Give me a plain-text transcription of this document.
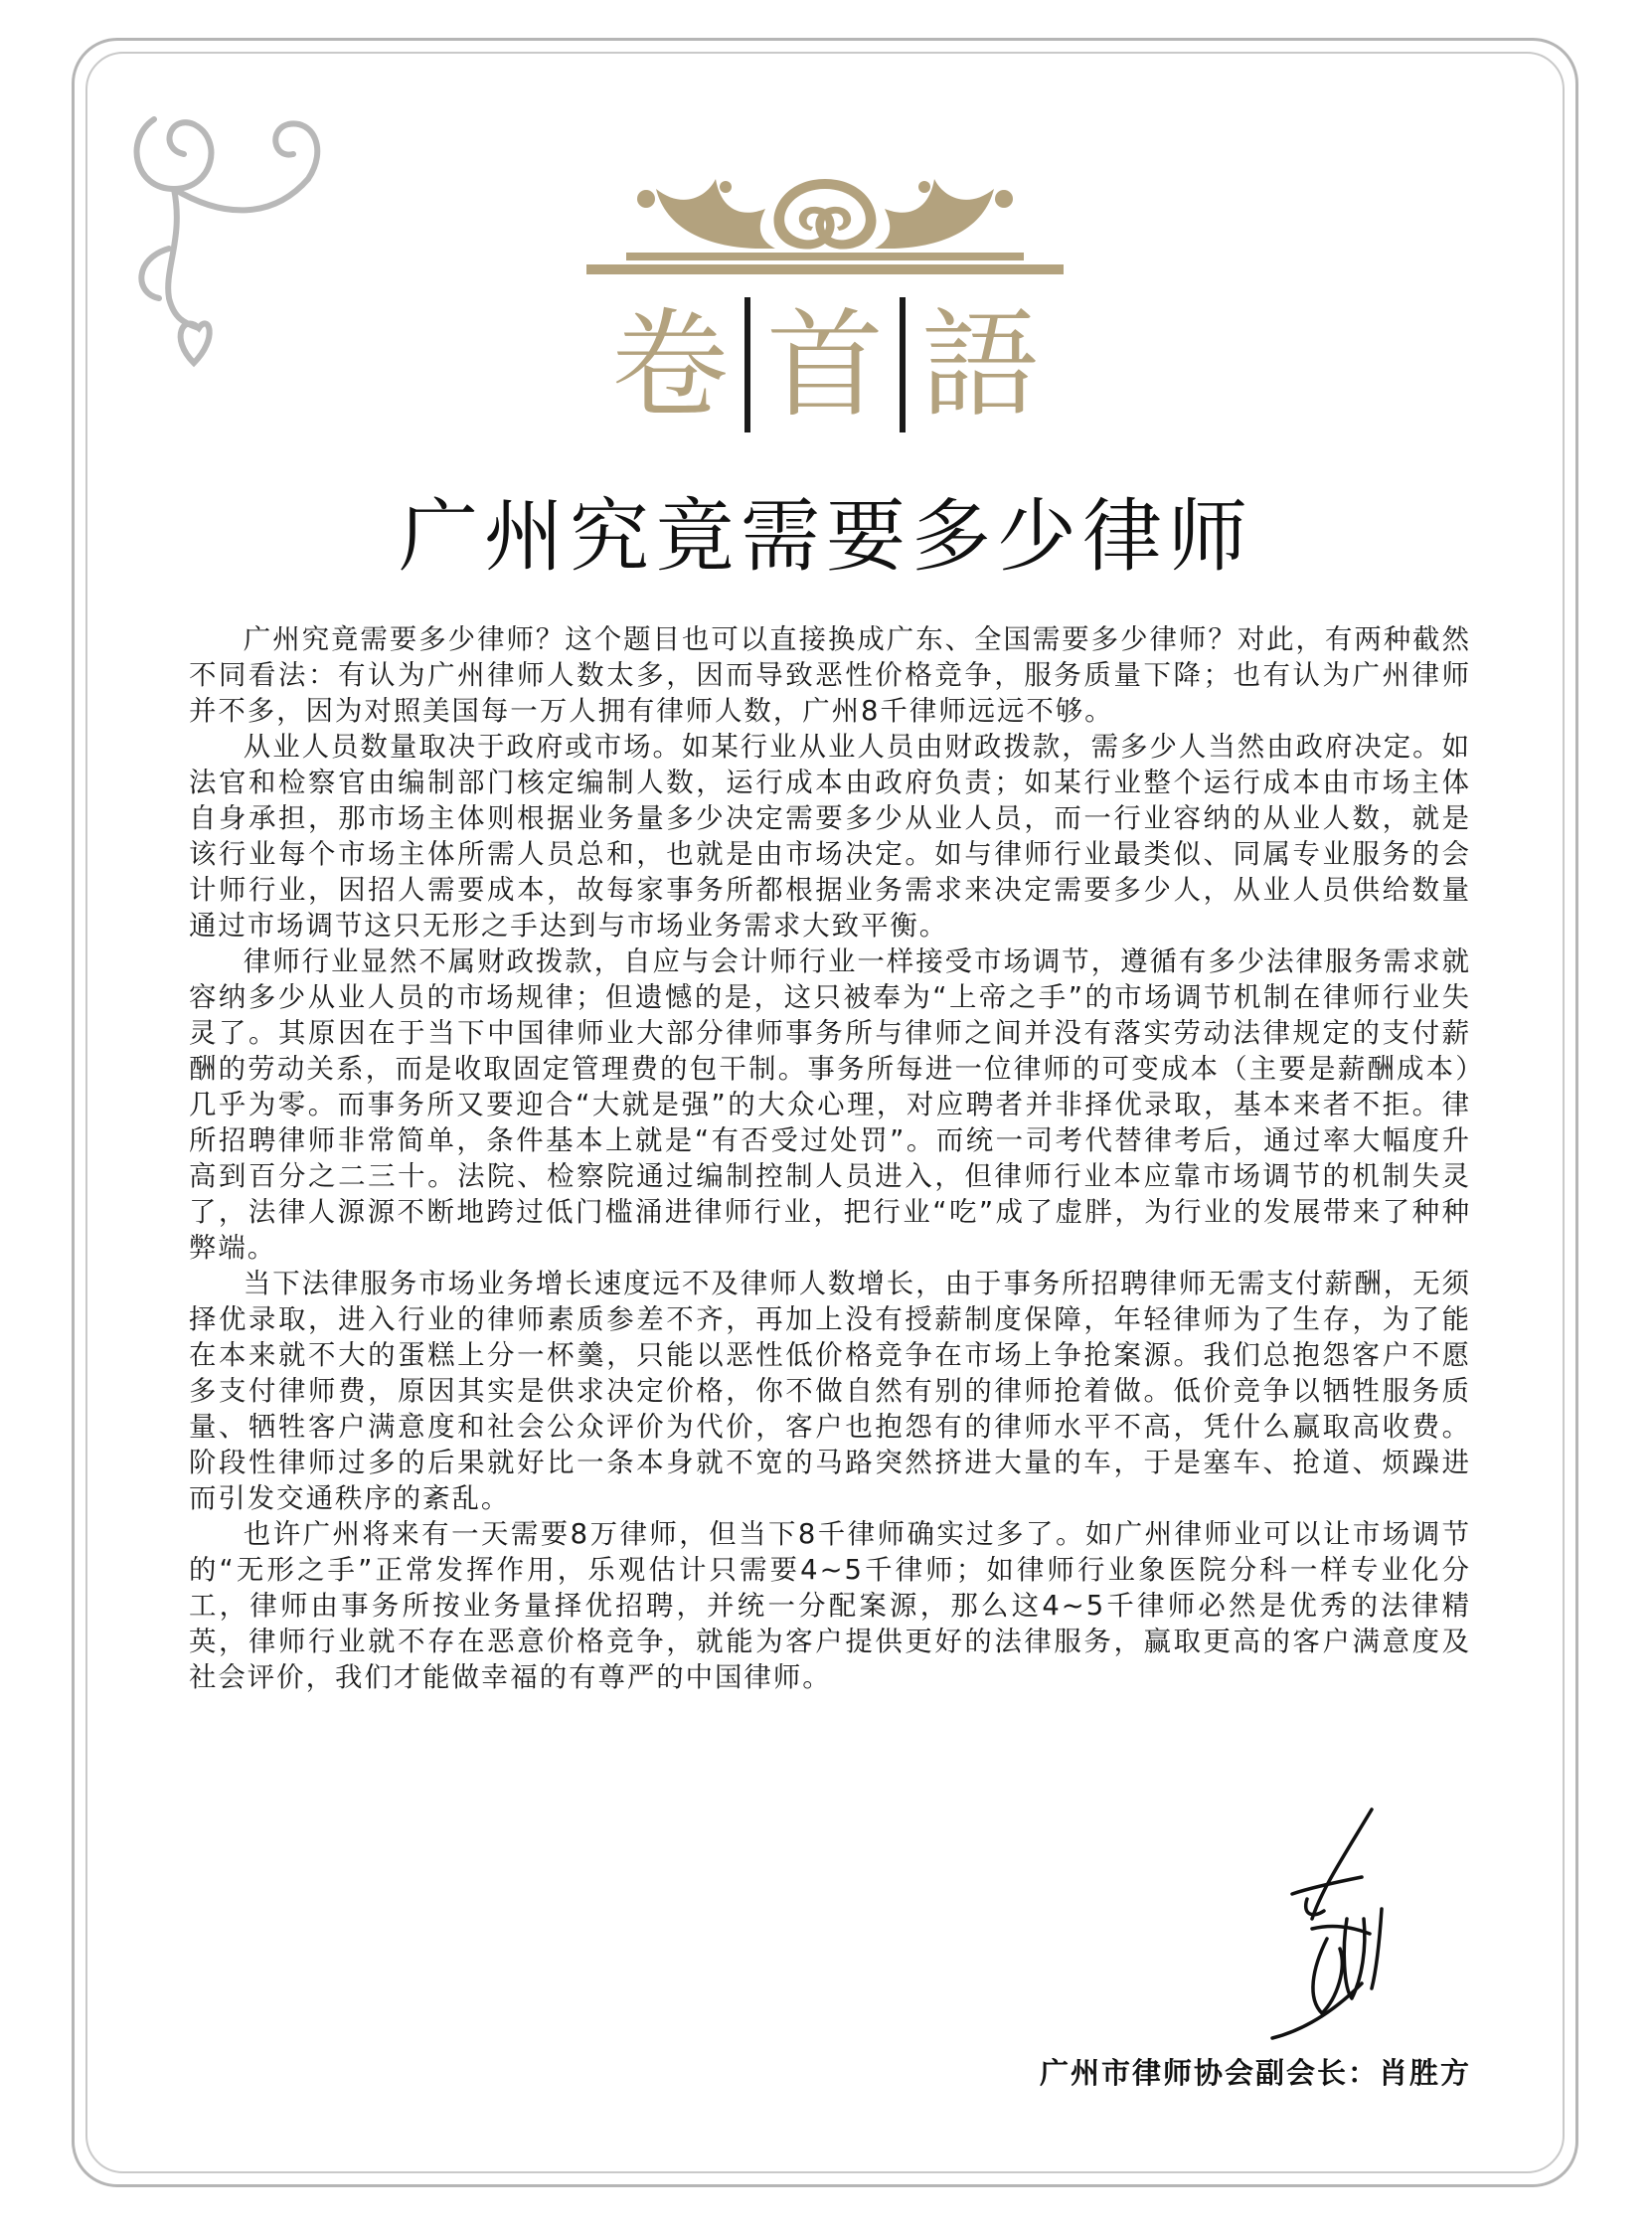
卷 首 語
广州究竟需要多少律师

广州究竟需要多少律师？这个题目也可以直接换成广东、全国需要多少律师？对此，有两种截然不同看法：有认为广州律师人数太多，因而导致恶性价格竞争，服务质量下降；也有认为广州律师并不多，因为对照美国每一万人拥有律师人数，广州8千律师远远不够。

从业人员数量取决于政府或市场。如某行业从业人员由财政拨款，需多少人当然由政府决定。如法官和检察官由编制部门核定编制人数，运行成本由政府负责；如某行业整个运行成本由市场主体自身承担，那市场主体则根据业务量多少决定需要多少从业人员，而一行业容纳的从业人数，就是该行业每个市场主体所需人员总和，也就是由市场决定。如与律师行业最类似、同属专业服务的会计师行业，因招人需要成本，故每家事务所都根据业务需求来决定需要多少人，从业人员供给数量通过市场调节这只无形之手达到与市场业务需求大致平衡。

律师行业显然不属财政拨款，自应与会计师行业一样接受市场调节，遵循有多少法律服务需求就容纳多少从业人员的市场规律；但遗憾的是，这只被奉为“上帝之手”的市场调节机制在律师行业失灵了。其原因在于当下中国律师业大部分律师事务所与律师之间并没有落实劳动法律规定的支付薪酬的劳动关系，而是收取固定管理费的包干制。事务所每进一位律师的可变成本（主要是薪酬成本）几乎为零。而事务所又要迎合“大就是强”的大众心理，对应聘者并非择优录取，基本来者不拒。律所招聘律师非常简单，条件基本上就是“有否受过处罚”。而统一司考代替律考后，通过率大幅度升高到百分之二三十。法院、检察院通过编制控制人员进入，但律师行业本应靠市场调节的机制失灵了，法律人源源不断地跨过低门槛涌进律师行业，把行业“吃”成了虚胖，为行业的发展带来了种种弊端。

当下法律服务市场业务增长速度远不及律师人数增长，由于事务所招聘律师无需支付薪酬，无须择优录取，进入行业的律师素质参差不齐，再加上没有授薪制度保障，年轻律师为了生存，为了能在本来就不大的蛋糕上分一杯羹，只能以恶性低价格竞争在市场上争抢案源。我们总抱怨客户不愿多支付律师费，原因其实是供求决定价格，你不做自然有别的律师抢着做。低价竞争以牺牲服务质量、牺牲客户满意度和社会公众评价为代价，客户也抱怨有的律师水平不高，凭什么赢取高收费。阶段性律师过多的后果就好比一条本身就不宽的马路突然挤进大量的车，于是塞车、抢道、烦躁进而引发交通秩序的紊乱。

也许广州将来有一天需要8万律师，但当下8千律师确实过多了。如广州律师业可以让市场调节的“无形之手”正常发挥作用，乐观估计只需要4~5千律师；如律师行业象医院分科一样专业化分工，律师由事务所按业务量择优招聘，并统一分配案源，那么这4~5千律师必然是优秀的法律精英，律师行业就不存在恶意价格竞争，就能为客户提供更好的法律服务，赢取更高的客户满意度及社会评价，我们才能做幸福的有尊严的中国律师。

广州市律师协会副会长：肖胜方
